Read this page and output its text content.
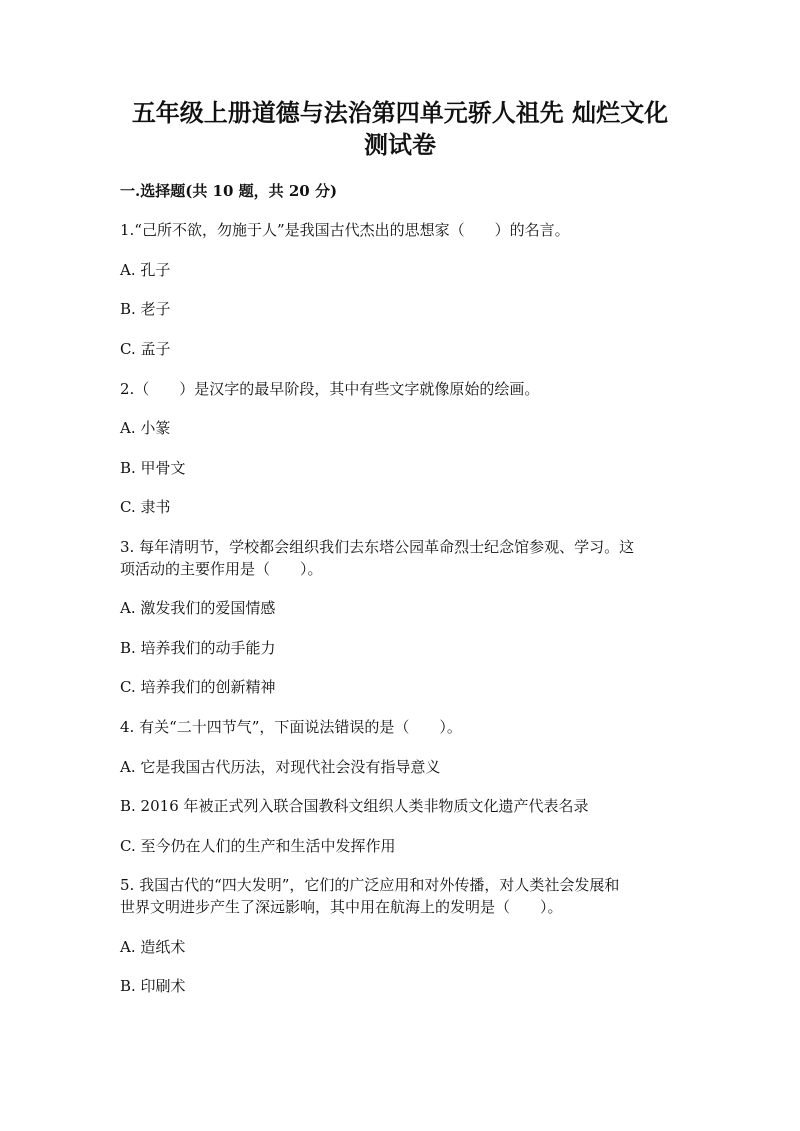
五年级上册道德与法治第四单元骄人祖先 灿烂文化
测试卷
一.选择题(共 10 题，共 20 分)
1.“己所不欲，勿施于人”是我国古代杰出的思想家（　　）的名言。
A. 孔子
B. 老子
C. 孟子
2.（　　）是汉字的最早阶段，其中有些文字就像原始的绘画。
A. 小篆
B. 甲骨文
C. 隶书
3. 每年清明节，学校都会组织我们去东塔公园革命烈士纪念馆参观、学习。这
项活动的主要作用是（　　）。
A. 激发我们的爱国情感
B. 培养我们的动手能力
C. 培养我们的创新精神
4. 有关“二十四节气”，下面说法错误的是（　　）。
A. 它是我国古代历法，对现代社会没有指导意义
B. 2016 年被正式列入联合国教科文组织人类非物质文化遗产代表名录
C. 至今仍在人们的生产和生活中发挥作用
5. 我国古代的“四大发明”，它们的广泛应用和对外传播，对人类社会发展和
世界文明进步产生了深远影响，其中用在航海上的发明是（　　）。
A. 造纸术
B. 印刷术
